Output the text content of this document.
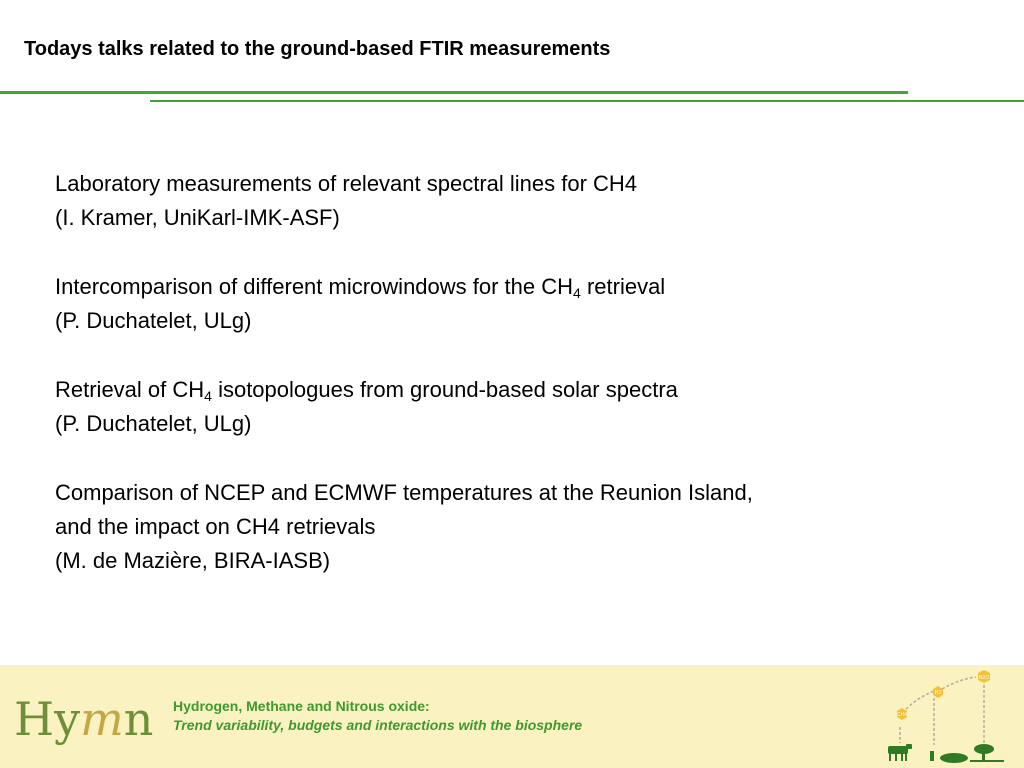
Todays talks related to the ground-based FTIR measurements

Laboratory measurements of relevant spectral lines for CH4

(I. Kramer, UniKarl-IMK-ASF)

Intercomparison of different microwindows for the $CH_4$ retrieval

(P. Duchatelet, ULg)

Retrieval of $CH_4$ isotopologues from ground-based solar spectra

(P. Duchatelet, ULg)

Comparison of NCEP and ECMWF temperatures at the Reunion Island,

and the impact on CH4 retrievals

(M. de Mazière, BIRA-IASB)

Hymn Hydrogen, Methane and Nitrous oxide:
Trend variability, budgets and interactions with the biosphere
CH4
H2
N2O
